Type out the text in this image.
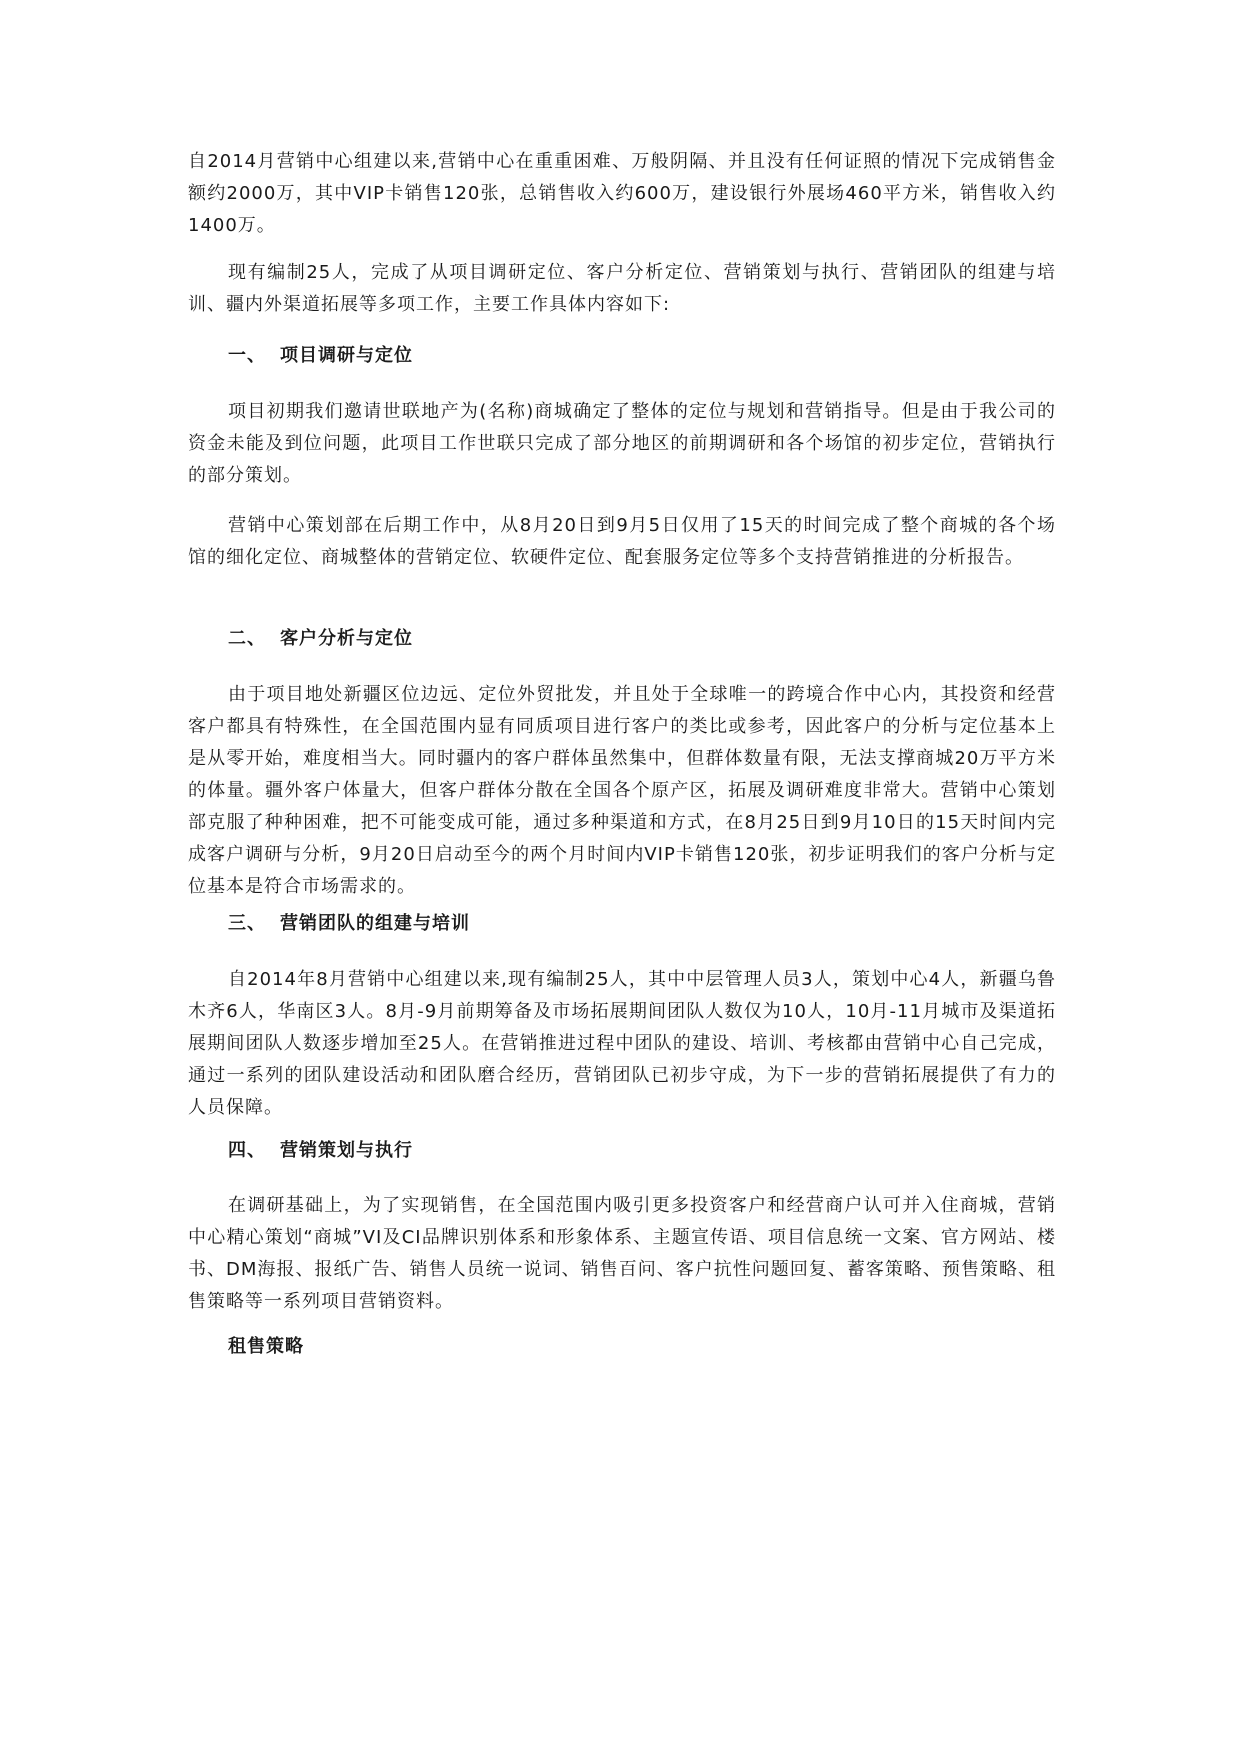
自2014月营销中心组建以来,营销中心在重重困难、万般阴隔、并且没有任何证照的情况下完成销售金额约2000万，其中VIP卡销售120张，总销售收入约600万，建设银行外展场460平方米，销售收入约1400万。

现有编制25人，完成了从项目调研定位、客户分析定位、营销策划与执行、营销团队的组建与培训、疆内外渠道拓展等多项工作，主要工作具体内容如下:

一、 项目调研与定位

项目初期我们邀请世联地产为(名称)商城确定了整体的定位与规划和营销指导。但是由于我公司的资金未能及到位问题，此项目工作世联只完成了部分地区的前期调研和各个场馆的初步定位，营销执行的部分策划。

营销中心策划部在后期工作中，从8月20日到9月5日仅用了15天的时间完成了整个商城的各个场馆的细化定位、商城整体的营销定位、软硬件定位、配套服务定位等多个支持营销推进的分析报告。

二、 客户分析与定位

由于项目地处新疆区位边远、定位外贸批发，并且处于全球唯一的跨境合作中心内，其投资和经营客户都具有特殊性，在全国范围内显有同质项目进行客户的类比或参考，因此客户的分析与定位基本上是从零开始，难度相当大。同时疆内的客户群体虽然集中，但群体数量有限，无法支撑商城20万平方米的体量。疆外客户体量大，但客户群体分散在全国各个原产区，拓展及调研难度非常大。营销中心策划部克服了种种困难，把不可能变成可能，通过多种渠道和方式，在8月25日到9月10日的15天时间内完成客户调研与分析，9月20日启动至今的两个月时间内VIP卡销售120张，初步证明我们的客户分析与定位基本是符合市场需求的。

三、 营销团队的组建与培训

自2014年8月营销中心组建以来,现有编制25人，其中中层管理人员3人，策划中心4人，新疆乌鲁木齐6人，华南区3人。8月-9月前期筹备及市场拓展期间团队人数仅为10人，10月-11月城市及渠道拓展期间团队人数逐步增加至25人。在营销推进过程中团队的建设、培训、考核都由营销中心自己完成，通过一系列的团队建设活动和团队磨合经历，营销团队已初步守成，为下一步的营销拓展提供了有力的人员保障。

四、 营销策划与执行

在调研基础上，为了实现销售，在全国范围内吸引更多投资客户和经营商户认可并入住商城，营销中心精心策划“商城”VI及CI品牌识别体系和形象体系、主题宣传语、项目信息统一文案、官方网站、楼书、DM海报、报纸广告、销售人员统一说词、销售百问、客户抗性问题回复、蓄客策略、预售策略、租售策略等一系列项目营销资料。

租售策略
